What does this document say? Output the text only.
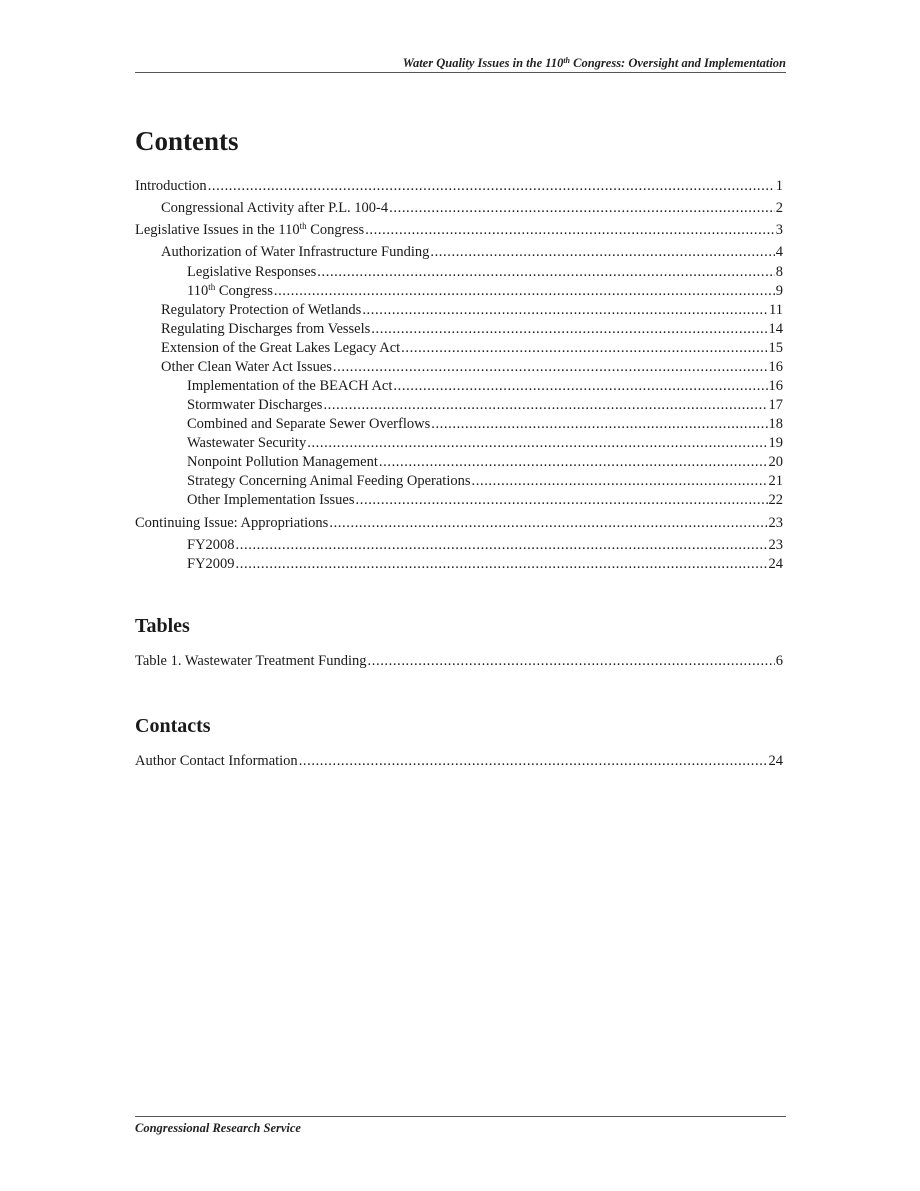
Water Quality Issues in the 110th Congress: Oversight and Implementation
Contents
Introduction .....	1
Congressional Activity after P.L. 100-4 .....	2
Legislative Issues in the 110th Congress .....	3
Authorization of Water Infrastructure Funding .....	4
Legislative Responses .....	8
110th Congress .....	9
Regulatory Protection of Wetlands .....	11
Regulating Discharges from Vessels .....	14
Extension of the Great Lakes Legacy Act .....	15
Other Clean Water Act Issues .....	16
Implementation of the BEACH Act .....	16
Stormwater Discharges .....	17
Combined and Separate Sewer Overflows .....	18
Wastewater Security .....	19
Nonpoint Pollution Management .....	20
Strategy Concerning Animal Feeding Operations .....	21
Other Implementation Issues .....	22
Continuing Issue: Appropriations .....	23
FY2008 .....	23
FY2009 .....	24
Tables
Table 1. Wastewater Treatment Funding .....	6
Contacts
Author Contact Information .....	24
Congressional Research Service
